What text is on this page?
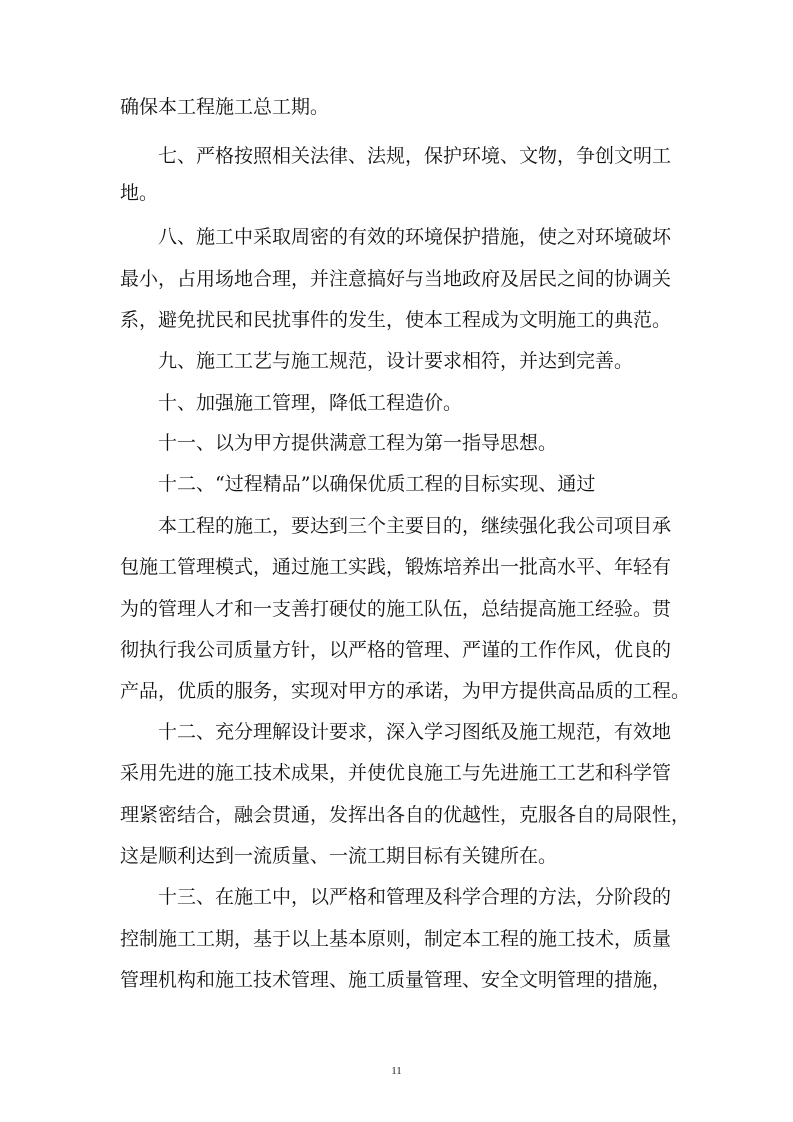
确保本工程施工总工期。
七、严格按照相关法律、法规，保护环境、文物，争创文明工
地。
八、施工中采取周密的有效的环境保护措施，使之对环境破坏
最小，占用场地合理，并注意搞好与当地政府及居民之间的协调关
系，避免扰民和民扰事件的发生，使本工程成为文明施工的典范。
九、施工工艺与施工规范，设计要求相符，并达到完善。
十、加强施工管理，降低工程造价。
十一、以为甲方提供满意工程为第一指导思想。
十二、“过程精品”以确保优质工程的目标实现、通过
本工程的施工，要达到三个主要目的，继续强化我公司项目承
包施工管理模式，通过施工实践，锻炼培养出一批高水平、年轻有
为的管理人才和一支善打硬仗的施工队伍，总结提高施工经验。贯
彻执行我公司质量方针，以严格的管理、严谨的工作作风，优良的
产品，优质的服务，实现对甲方的承诺，为甲方提供高品质的工程。
十二、充分理解设计要求，深入学习图纸及施工规范，有效地
采用先进的施工技术成果，并使优良施工与先进施工工艺和科学管
理紧密结合，融会贯通，发挥出各自的优越性，克服各自的局限性，
这是顺利达到一流质量、一流工期目标有关键所在。
十三、在施工中，以严格和管理及科学合理的方法，分阶段的
控制施工工期，基于以上基本原则，制定本工程的施工技术，质量
管理机构和施工技术管理、施工质量管理、安全文明管理的措施，
11
